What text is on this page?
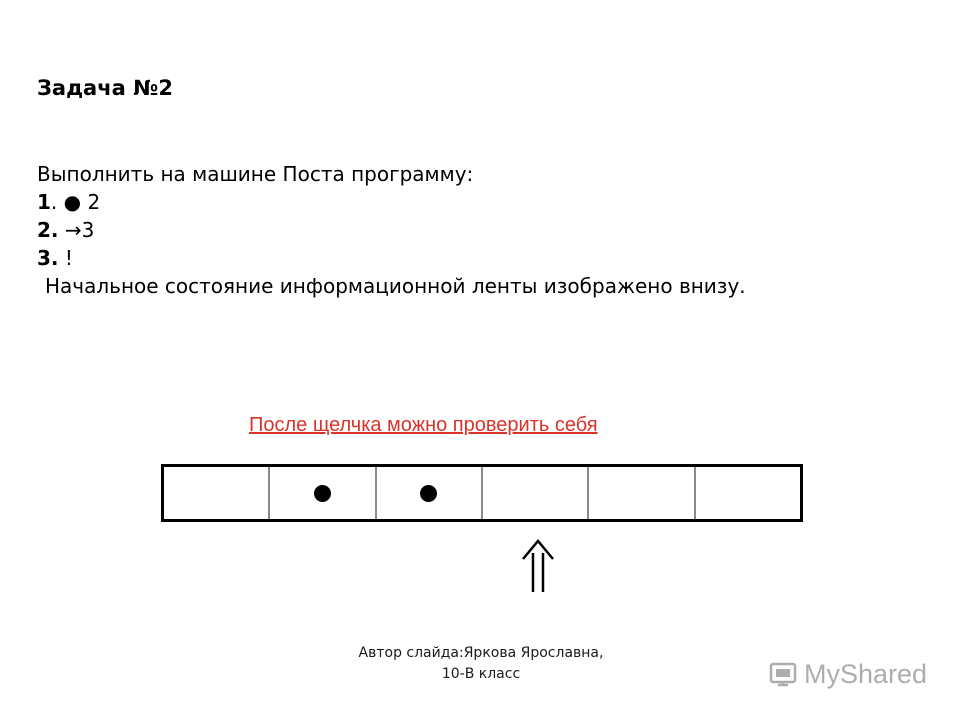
Задача №2
Выполнить на машине Поста программу:
1. ● 2
2. →3
3. !
Начальное состояние информационной ленты изображено внизу.
После щелчка можно проверить себя
Автор слайда:Яркова Ярославна,
10-В класс	MyShared
